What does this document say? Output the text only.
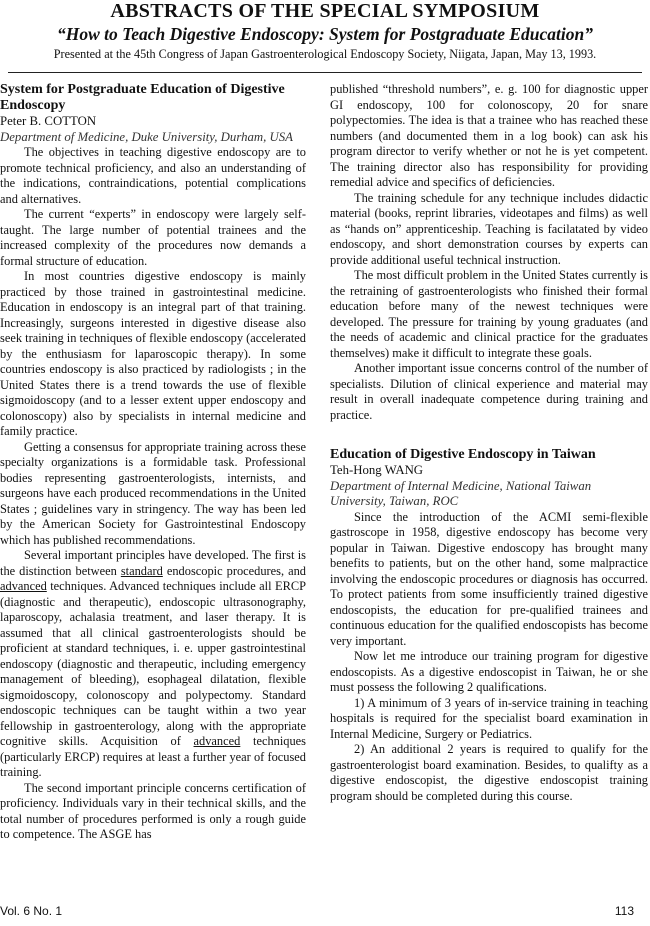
ABSTRACTS OF THE SPECIAL SYMPOSIUM
“How to Teach Digestive Endoscopy: System for Postgraduate Education”
Presented at the 45th Congress of Japan Gastroenterological Endoscopy Society, Niigata, Japan, May 13, 1993.

System for Postgraduate Education of Digestive Endoscopy

Peter B. COTTON

Department of Medicine, Duke University, Durham, USA

The objectives in teaching digestive endoscopy are to promote technical proficiency, and also an understanding of the indications, contraindications, potential complications and alternatives.

The current “experts” in endoscopy were largely self-taught. The large number of potential trainees and the increased complexity of the procedures now demands a formal structure of education.

In most countries digestive endoscopy is mainly practiced by those trained in gastrointestinal medicine. Education in endoscopy is an integral part of that training. Increasingly, surgeons interested in digestive disease also seek training in techniques of flexible endoscopy (accelerated by the enthusiasm for laparoscopic therapy). In some countries endoscopy is also practiced by radiologists ; in the United States there is a trend towards the use of flexible sigmoidoscopy (and to a lesser extent upper endoscopy and colonoscopy) also by specialists in internal medicine and family practice.

Getting a consensus for appropriate training across these specialty organizations is a formidable task. Professional bodies representing gastroenterologists, internists, and surgeons have each produced recommendations in the United States ; guidelines vary in stringency. The way has been led by the American Society for Gastrointestinal Endoscopy which has published recommendations.

Several important principles have developed. The first is the distinction between standard endoscopic procedures, and advanced techniques. Advanced techniques include all ERCP (diagnostic and therapeutic), endoscopic ultrasonography, laparoscopy, achalasia treatment, and laser therapy. It is assumed that all clinical gastroenterologists should be proficient at standard techniques, i. e. upper gastrointestinal endoscopy (diagnostic and therapeutic, including emergency management of bleeding), esophageal dilatation, flexible sigmoidoscopy, colonoscopy and polypectomy. Standard endoscopic techniques can be taught within a two year fellowship in gastroenterology, along with the appropriate cognitive skills. Acquisition of advanced techniques (particularly ERCP) requires at least a further year of focused training.

The second important principle concerns certification of proficiency. Individuals vary in their technical skills, and the total number of procedures performed is only a rough guide to competence. The ASGE has

published “threshold numbers”, e. g. 100 for diagnostic upper GI endoscopy, 100 for colonoscopy, 20 for snare polypectomies. The idea is that a trainee who has reached these numbers (and documented them in a log book) can ask his program director to verify whether or not he is yet competent. The training director also has responsibility for providing remedial advice and specifics of deficiencies.

The training schedule for any technique includes didactic material (books, reprint libraries, videotapes and films) as well as “hands on” apprenticeship. Teaching is facilatated by video endoscopy, and short demonstration courses by experts can provide additional useful technical instruction.

The most difficult problem in the United States currently is the retraining of gastroenterologists who finished their formal education before many of the newest techniques were developed. The pressure for training by young graduates (and the needs of academic and clinical practice for the graduates themselves) make it difficult to integrate these goals.

Another important issue concerns control of the number of specialists. Dilution of clinical experience and material may result in overall inadequate competence during training and practice.

Education of Digestive Endoscopy in Taiwan

Teh-Hong WANG

Department of Internal Medicine, National Taiwan University, Taiwan, ROC

Since the introduction of the ACMI semi-flexible gastroscope in 1958, digestive endoscopy has become very popular in Taiwan. Digestive endoscopy has brought many benefits to patients, but on the other hand, some malpractice involving the endoscopic procedures or diagnosis has occurred. To protect patients from some insufficiently trained digestive endoscopists, the education for pre-qualified trainees and continuous education for the qualified endoscopists has become very important.

Now let me introduce our training program for digestive endoscopists. As a digestive endoscopist in Taiwan, he or she must possess the following 2 qualifications.

1) A minimum of 3 years of in-service training in teaching hospitals is required for the specialist board examination in Internal Medicine, Surgery or Pediatrics.

2) An additional 2 years is required to qualify for the gastroenterologist board examination. Besides, to qualifty as a digestive endoscopist, the digestive endoscopist training program should be completed during this course.

Vol. 6 No. 1	113
